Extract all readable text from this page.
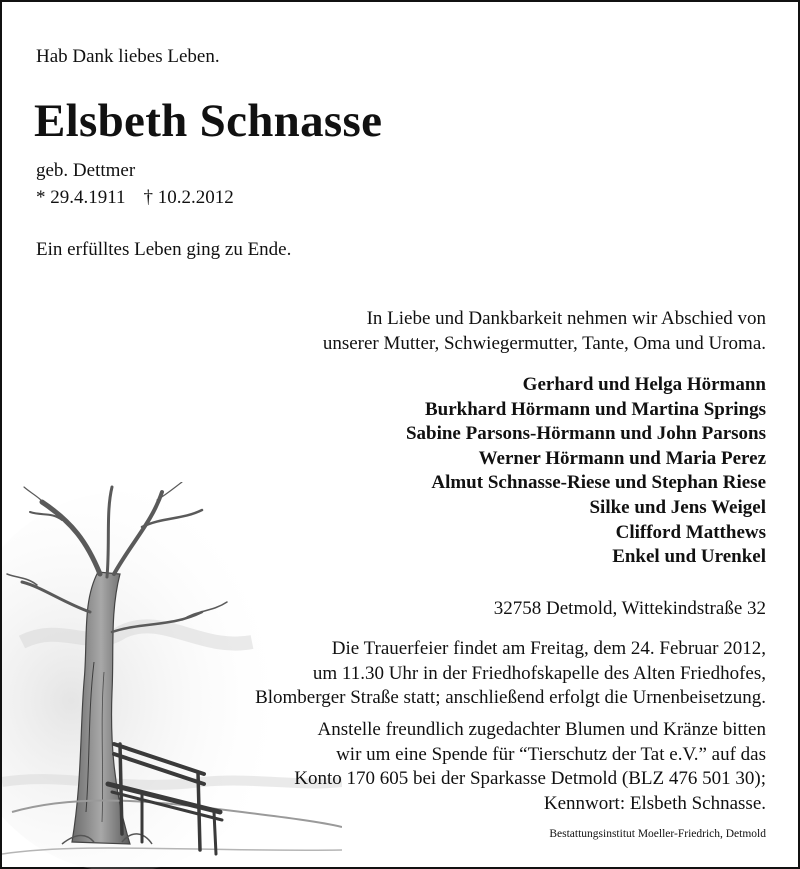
Hab Dank liebes Leben.
Elsbeth Schnasse
geb. Dettmer
* 29.4.1911 † 10.2.2012
Ein erfülltes Leben ging zu Ende.
In Liebe und Dankbarkeit nehmen wir Abschied von
unserer Mutter, Schwiegermutter, Tante, Oma und Uroma.
Gerhard und Helga Hörmann
Burkhard Hörmann und Martina Springs
Sabine Parsons-Hörmann und John Parsons
Werner Hörmann und Maria Perez
Almut Schnasse-Riese und Stephan Riese
Silke und Jens Weigel
Clifford Matthews
Enkel und Urenkel
32758 Detmold, Wittekindstraße 32
Die Trauerfeier findet am Freitag, dem 24. Februar 2012,
um 11.30 Uhr in der Friedhofskapelle des Alten Friedhofes,
Blomberger Straße statt; anschließend erfolgt die Urnenbeisetzung.
Anstelle freundlich zugedachter Blumen und Kränze bitten
wir um eine Spende für “Tierschutz der Tat e.V.” auf das
Konto 170 605 bei der Sparkasse Detmold (BLZ 476 501 30);
Kennwort: Elsbeth Schnasse.
Bestattungsinstitut Moeller-Friedrich, Detmold
